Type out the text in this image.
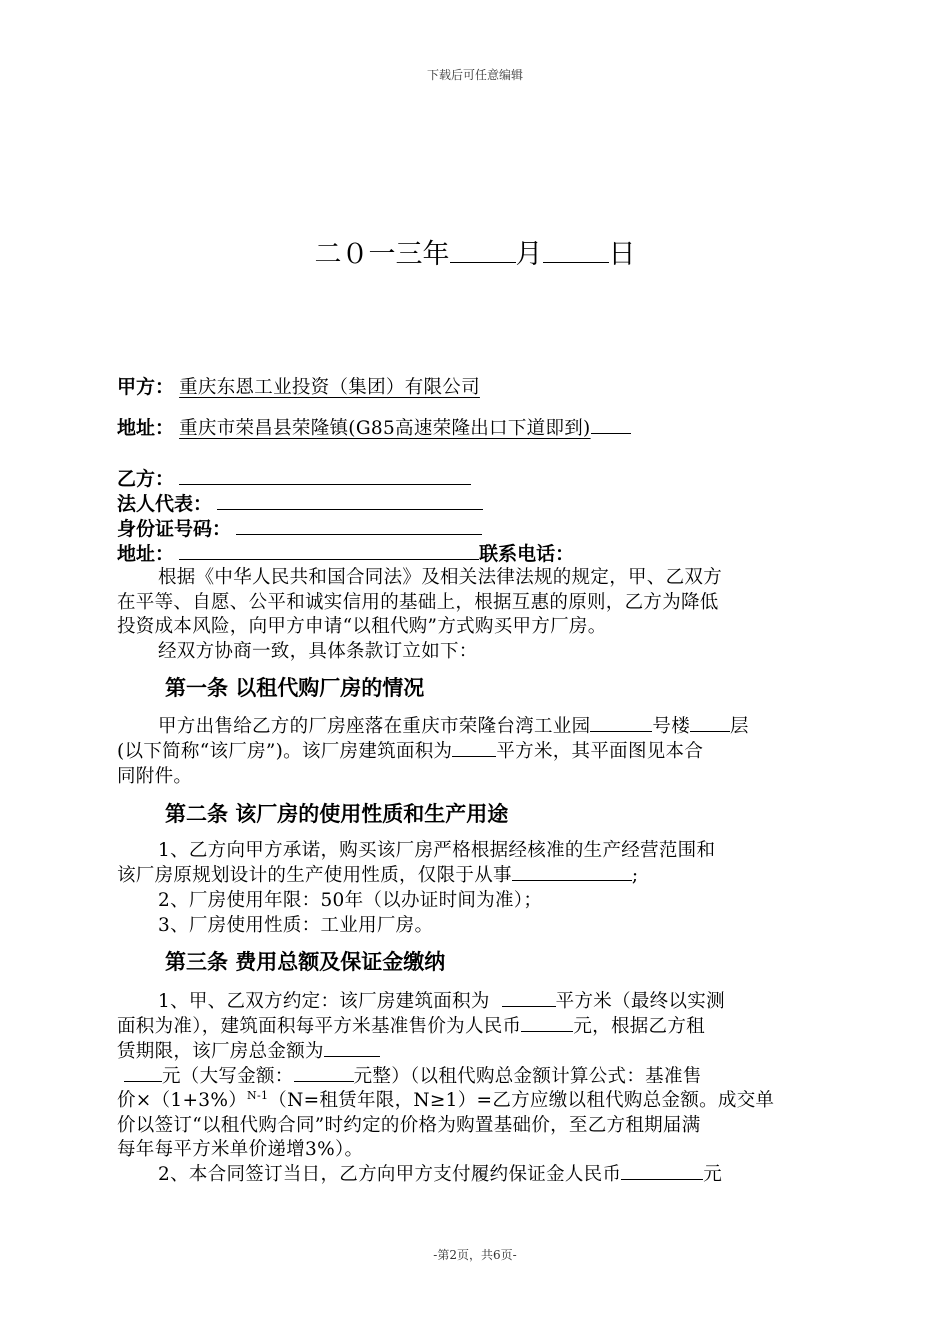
下载后可任意编辑
二０一三年 月 日
甲方： 重庆东恩工业投资（集团）有限公司
地址： 重庆市荣昌县荣隆镇(G85高速荣隆出口下道即到)
乙方：
法人代表：
身份证号码：
地址：	联系电话：
根据《中华人民共和国合同法》及相关法律法规的规定，甲、乙双方
在平等、自愿、公平和诚实信用的基础上，根据互惠的原则，乙方为降低
投资成本风险，向甲方申请“以租代购”方式购买甲方厂房。
经双方协商一致，具体条款订立如下：
第一条 以租代购厂房的情况
甲方出售给乙方的厂房座落在重庆市荣隆台湾工业园	号楼 层
(以下简称“该厂房”)。该厂房建筑面积为 平方米，其平面图见本合
同附件。
第二条 该厂房的使用性质和生产用途
1、乙方向甲方承诺，购买该厂房严格根据经核准的生产经营范围和
该厂房原规划设计的生产使用性质，仅限于从事	;
2、厂房使用年限：50年（以办证时间为准）；
3、厂房使用性质：工业用厂房。
第三条 费用总额及保证金缴纳
1、甲、乙双方约定：该厂房建筑面积为	平方米（最终以实测
面积为准），建筑面积每平方米基准售价为人民币	元，根据乙方租
赁期限，该厂房总金额为
元（大写金额：	元整）（以租代购总金额计算公式：基准售
价$\times(1+3\%)^{N-1}(N=$租赁年限，N≥1）=乙方应缴以租代购总金额。成交单
价以签订“以租代购合同”时约定的价格为购置基础价，至乙方租期届满
每年每平方米单价递增3%）。
2、本合同签订当日，乙方向甲方支付履约保证金人民币	元
-第2页，共6页-
